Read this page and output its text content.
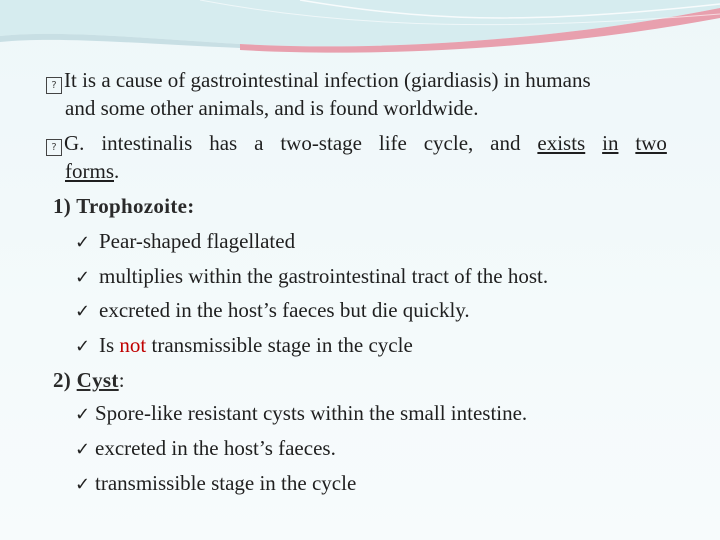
? It is a cause of gastrointestinal infection (giardiasis) in humans
and some other animals, and is found worldwide.
? G. intestinalis has a two-stage life cycle, and exists in two
forms.
1) Trophozoite:
✓ Pear-shaped flagellated
✓ multiplies within the gastrointestinal tract of the host.
✓ excreted in the host’s faeces but die quickly.
✓ Is not transmissible stage in the cycle
2) Cyst:
✓ Spore-like resistant cysts within the small intestine.
✓ excreted in the host’s faeces.
✓ transmissible stage in the cycle
